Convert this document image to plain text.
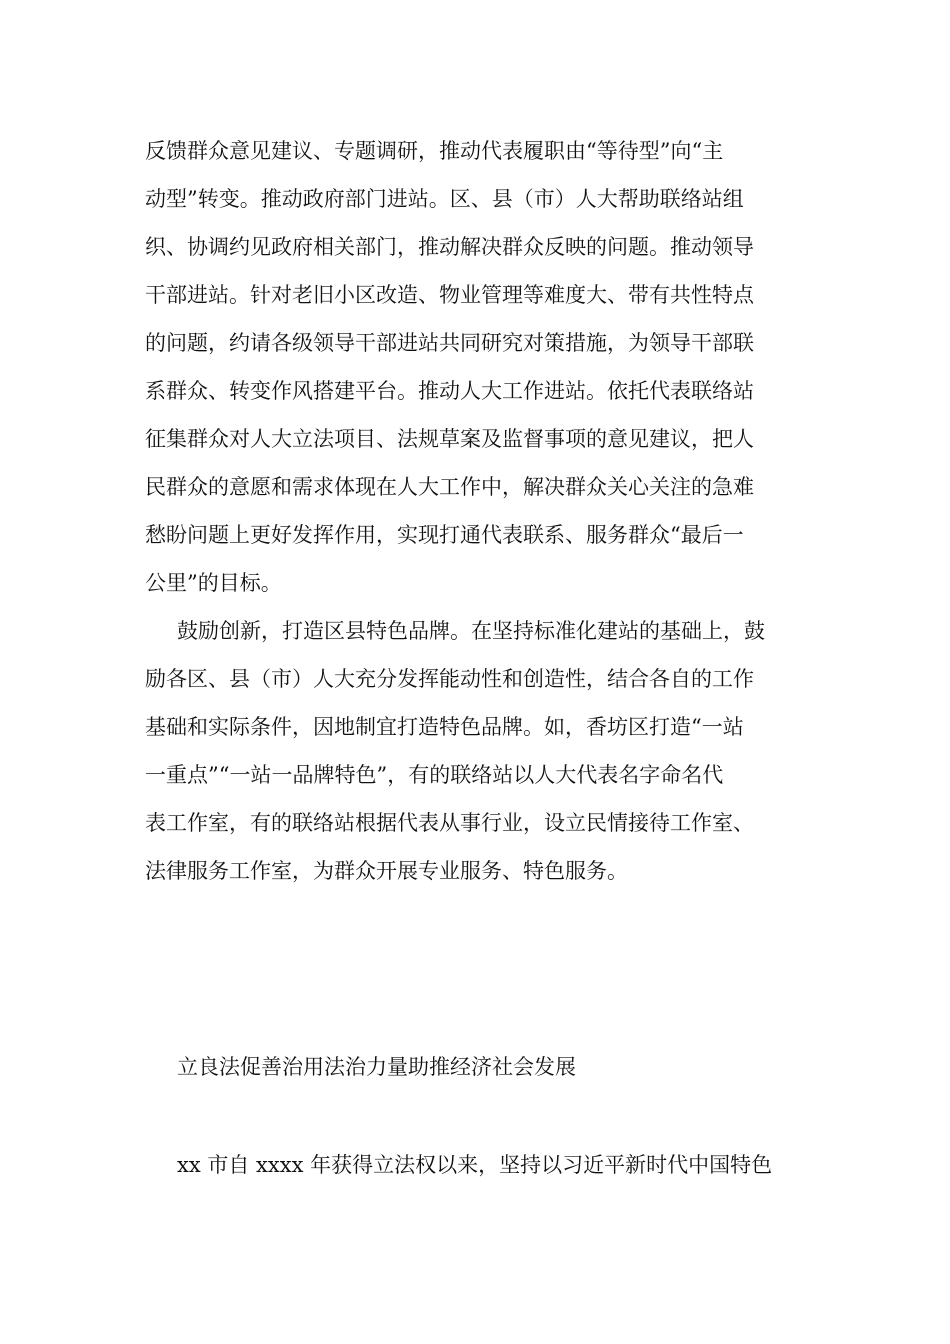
反馈群众意见建议、专题调研，推动代表履职由“等待型”向“主
动型”转变。推动政府部门进站。区、县（市）人大帮助联络站组
织、协调约见政府相关部门，推动解决群众反映的问题。推动领导
干部进站。针对老旧小区改造、物业管理等难度大、带有共性特点
的问题，约请各级领导干部进站共同研究对策措施，为领导干部联
系群众、转变作风搭建平台。推动人大工作进站。依托代表联络站
征集群众对人大立法项目、法规草案及监督事项的意见建议，把人
民群众的意愿和需求体现在人大工作中，解决群众关心关注的急难
愁盼问题上更好发挥作用，实现打通代表联系、服务群众“最后一
公里”的目标。
鼓励创新，打造区县特色品牌。在坚持标准化建站的基础上，鼓
励各区、县（市）人大充分发挥能动性和创造性，结合各自的工作
基础和实际条件，因地制宜打造特色品牌。如，香坊区打造“一站
一重点”“一站一品牌特色”，有的联络站以人大代表名字命名代
表工作室，有的联络站根据代表从事行业，设立民情接待工作室、
法律服务工作室，为群众开展专业服务、特色服务。
立良法促善治用法治力量助推经济社会发展
xx 市自 xxxx 年获得立法权以来，坚持以习近平新时代中国特色
